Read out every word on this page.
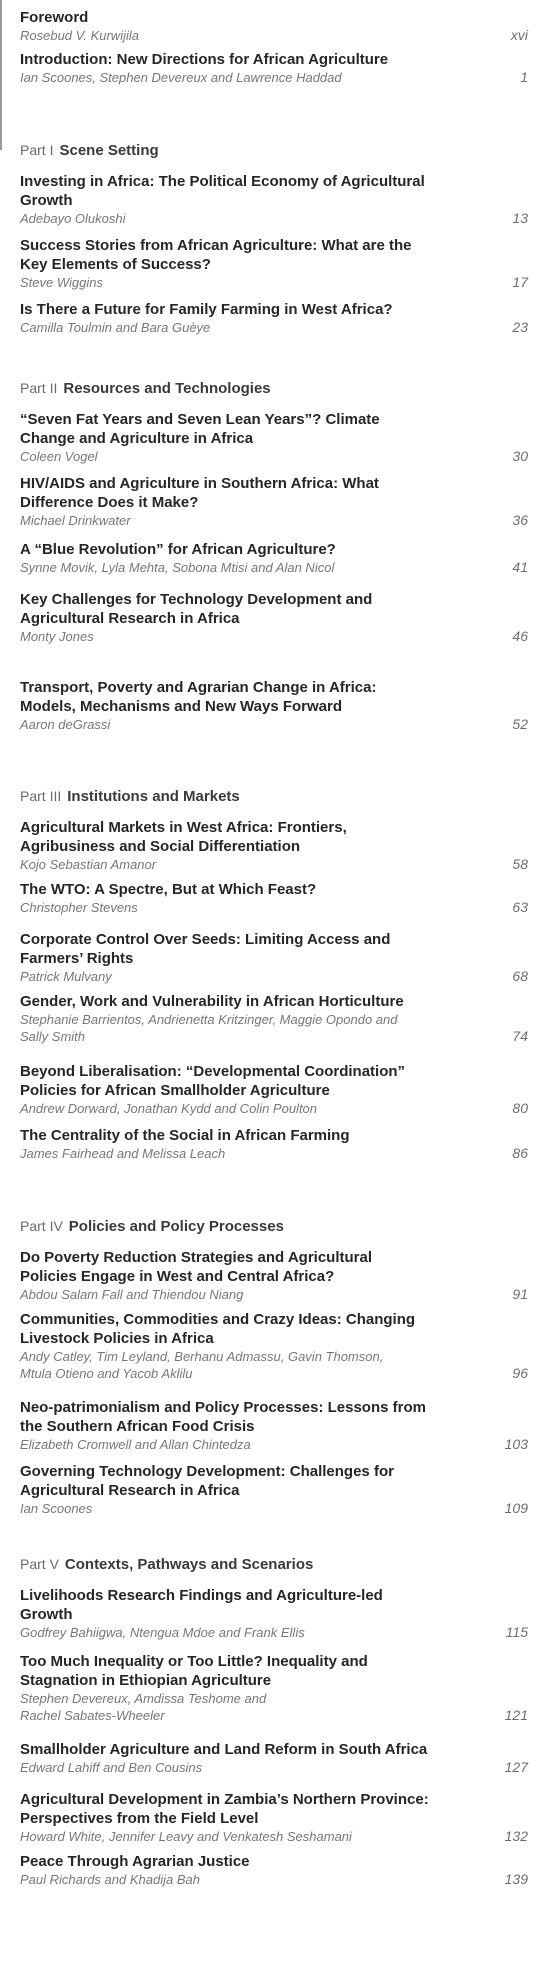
Foreword
Rosebud V. Kurwijila	xvi
Introduction: New Directions for African Agriculture
Ian Scoones, Stephen Devereux and Lawrence Haddad	1
Part I Scene Setting
Investing in Africa: The Political Economy of Agricultural
Growth
Adebayo Olukoshi	13
Success Stories from African Agriculture: What are the
Key Elements of Success?
Steve Wiggins	17
Is There a Future for Family Farming in West Africa?
Camilla Toulmin and Bara Guèye	23
Part II Resources and Technologies
“Seven Fat Years and Seven Lean Years”? Climate
Change and Agriculture in Africa
Coleen Vogel	30
HIV/AIDS and Agriculture in Southern Africa: What
Difference Does it Make?
Michael Drinkwater	36
A “Blue Revolution” for African Agriculture?
Synne Movik, Lyla Mehta, Sobona Mtisi and Alan Nicol	41
Key Challenges for Technology Development and
Agricultural Research in Africa
Monty Jones	46
Transport, Poverty and Agrarian Change in Africa:
Models, Mechanisms and New Ways Forward
Aaron deGrassi	52
Part III Institutions and Markets
Agricultural Markets in West Africa: Frontiers,
Agribusiness and Social Differentiation
Kojo Sebastian Amanor	58
The WTO: A Spectre, But at Which Feast?
Christopher Stevens	63
Corporate Control Over Seeds: Limiting Access and
Farmers’ Rights
Patrick Mulvany	68
Gender, Work and Vulnerability in African Horticulture
Stephanie Barrientos, Andrienetta Kritzinger, Maggie Opondo and
Sally Smith	74
Beyond Liberalisation: “Developmental Coordination”
Policies for African Smallholder Agriculture
Andrew Dorward, Jonathan Kydd and Colin Poulton	80
The Centrality of the Social in African Farming
James Fairhead and Melissa Leach	86
Part IV Policies and Policy Processes
Do Poverty Reduction Strategies and Agricultural
Policies Engage in West and Central Africa?
Abdou Salam Fall and Thiendou Niang	91
Communities, Commodities and Crazy Ideas: Changing
Livestock Policies in Africa
Andy Catley, Tim Leyland, Berhanu Admassu, Gavin Thomson,
Mtula Otieno and Yacob Aklilu	96
Neo-patrimonialism and Policy Processes: Lessons from
the Southern African Food Crisis
Elizabeth Cromwell and Allan Chintedza	103
Governing Technology Development: Challenges for
Agricultural Research in Africa
Ian Scoones	109
Part V Contexts, Pathways and Scenarios
Livelihoods Research Findings and Agriculture-led
Growth
Godfrey Bahiigwa, Ntengua Mdoe and Frank Ellis	115
Too Much Inequality or Too Little? Inequality and
Stagnation in Ethiopian Agriculture
Stephen Devereux, Amdissa Teshome and
Rachel Sabates-Wheeler	121
Smallholder Agriculture and Land Reform in South Africa
Edward Lahiff and Ben Cousins	127
Agricultural Development in Zambia’s Northern Province:
Perspectives from the Field Level
Howard White, Jennifer Leavy and Venkatesh Seshamani	132
Peace Through Agrarian Justice
Paul Richards and Khadija Bah	139
